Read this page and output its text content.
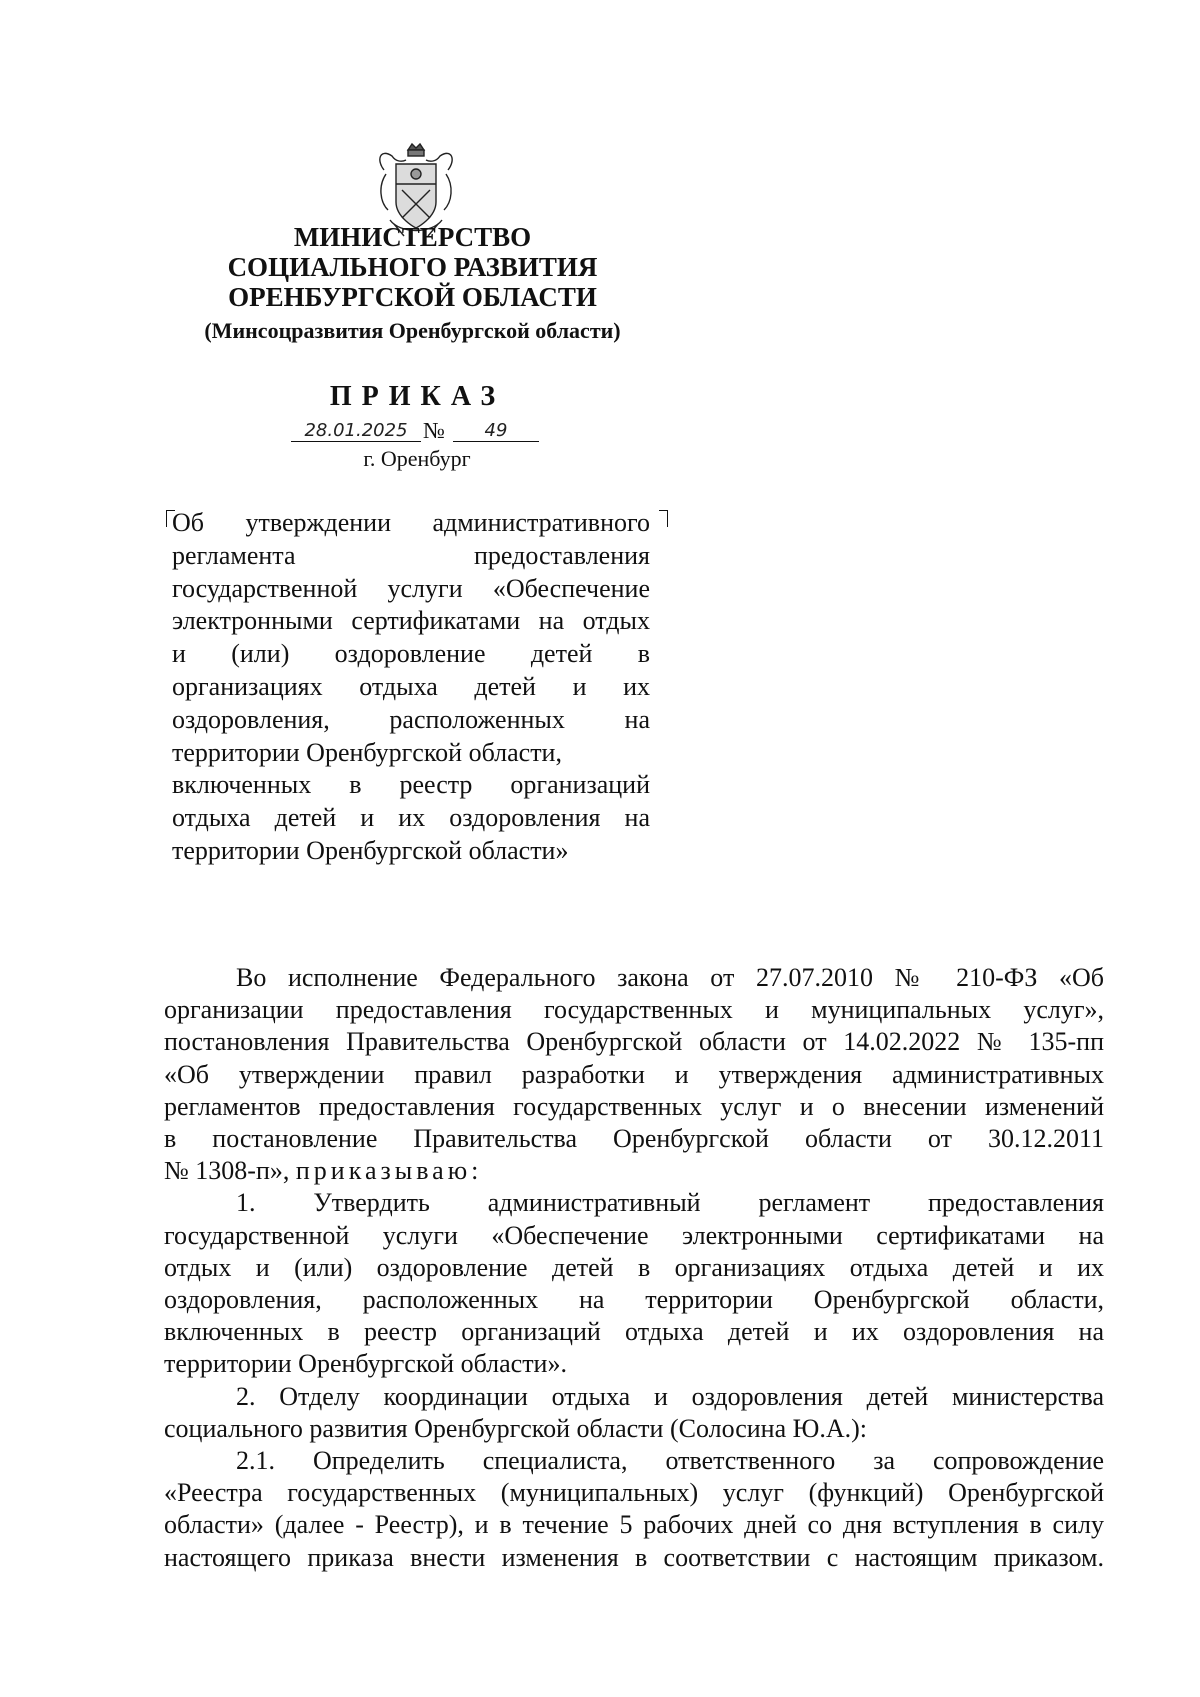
МИНИСТЕРСТВО
СОЦИАЛЬНОГО РАЗВИТИЯ
ОРЕНБУРГСКОЙ ОБЛАСТИ
(Минсоцразвития Оренбургской области)
ПРИКАЗ
28.01.2025 №	49
г. Оренбург
Об утверждении административного
регламента предоставления
государственной услуги «Обеспечение
электронными сертификатами на отдых
и (или) оздоровление детей в
организациях отдыха детей и их
оздоровления, расположенных на
территории Оренбургской области,
включенных в реестр организаций
отдыха детей и их оздоровления на
территории Оренбургской области»
Во исполнение Федерального закона от 27.07.2010 № 210-ФЗ «Об
организации предоставления государственных и муниципальных услуг»,
постановления Правительства Оренбургской области от 14.02.2022 № 135-пп
«Об утверждении правил разработки и утверждения административных
регламентов предоставления государственных услуг и о внесении изменений
в постановление Правительства Оренбургской области от 30.12.2011
№ 1308-п», приказываю:
1. Утвердить административный регламент предоставления
государственной услуги «Обеспечение электронными сертификатами на
отдых и (или) оздоровление детей в организациях отдыха детей и их
оздоровления, расположенных на территории Оренбургской области,
включенных в реестр организаций отдыха детей и их оздоровления на
территории Оренбургской области».
2. Отделу координации отдыха и оздоровления детей министерства
социального развития Оренбургской области (Солосина Ю.А.):
2.1. Определить специалиста, ответственного за сопровождение
«Реестра государственных (муниципальных) услуг (функций) Оренбургской
области» (далее - Реестр), и в течение 5 рабочих дней со дня вступления в силу
настоящего приказа внести изменения в соответствии с настоящим приказом.
